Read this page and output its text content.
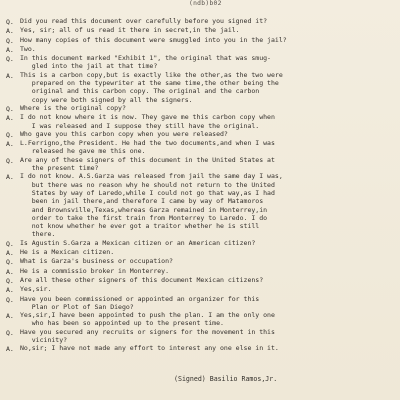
(ndb)b02
Q. Did you read this document over carefully before you signed it?
A. Yes, sir; all of us read it there in secret,in the jail.
Q. How many copies of this document were smuggled into you in the jail?
A. Two.
Q. In this document marked "Exhibit 1", the original that was smug-
gled into the jail at that time?
A. This is a carbon copy,but is exactly like the other,as the two were
prepared on the typewriter at the same time,the other being the
original and this carbon copy. The original and the carbon
copy were both signed by all the signers.
Q. Where is the original copy?
A. I do not know where it is now. They gave me this carbon copy when
I was released and I suppose they still have the original.
Q. Who gave you this carbon copy when you were released?
A. L.Ferrigno,the President. He had the two documents,and when I was
released he gave me this one.
Q. Are any of these signers of this document in the United States at
the present time?
A. I do not know. A.S.Garza was released from jail the same day I was,
but there was no reason why he should not return to the United
States by way of Laredo,while I could not go that way,as I had
been in jail there,and therefore I came by way of Matamoros
and Brownsville,Texas,whereas Garza remained in Monterrey,in
order to take the first train from Monterrey to Laredo. I do
not know whether he ever got a traitor whether he is still
there.
Q. Is Agustin S.Garza a Mexican citizen or an American citizen?
A. He is a Mexican citizen.
Q. What is Garza's business or occupation?
A. He is a commissio broker in Monterrey.
Q. Are all these other signers of this document Mexican citizens?
A. Yes,sir.
Q. Have you been commissioned or appointed an organizer for this
Plan or Plot of San Diego?
A. Yes,sir,I have been appointed to push the plan. I am the only one
who has been so appointed up to the present time.
Q. Have you secured any recruits or signers for the movement in this
vicinity?
A. No,sir; I have not made any effort to interest any one else in it.
(Signed) Basilio Ramos,Jr.
